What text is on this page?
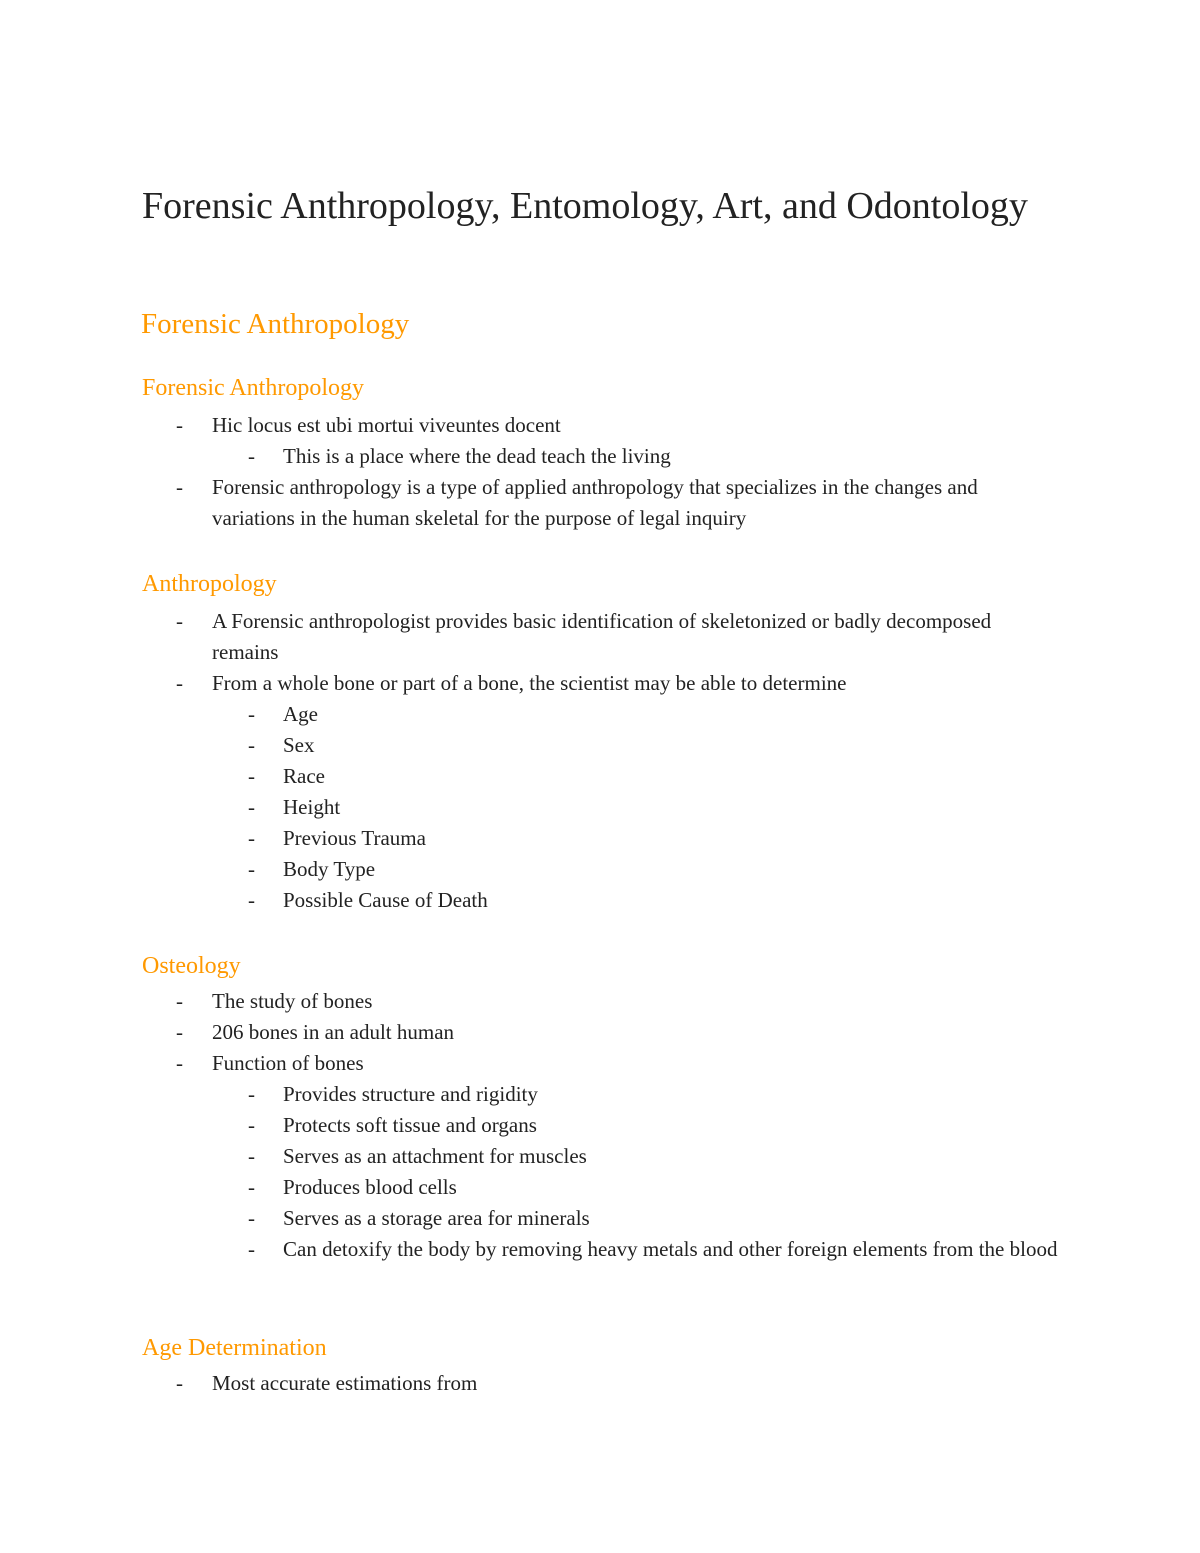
Forensic Anthropology, Entomology, Art, and Odontology
Forensic Anthropology
Forensic Anthropology
- Hic locus est ubi mortui viveuntes docent
- This is a place where the dead teach the living
- Forensic anthropology is a type of applied anthropology that specializes in the changes and variations in the human skeletal for the purpose of legal inquiry
Anthropology
- A Forensic anthropologist provides basic identification of skeletonized or badly decomposed remains
- From a whole bone or part of a bone, the scientist may be able to determine
- Age
- Sex
- Race
- Height
- Previous Trauma
- Body Type
- Possible Cause of Death
Osteology
- The study of bones
- 206 bones in an adult human
- Function of bones
- Provides structure and rigidity
- Protects soft tissue and organs
- Serves as an attachment for muscles
- Produces blood cells
- Serves as a storage area for minerals
- Can detoxify the body by removing heavy metals and other foreign elements from the blood
Age Determination
- Most accurate estimations from
